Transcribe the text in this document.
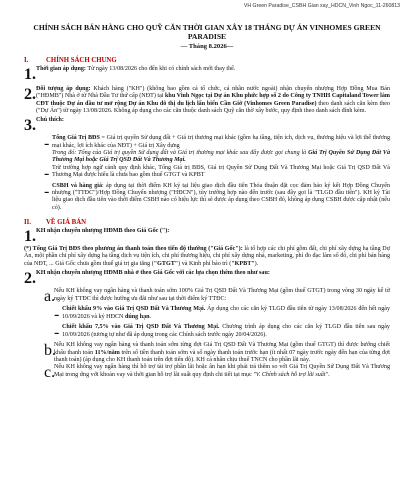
VH Green Paradise_CSBH Gian xay_HDCN_Vinh Ngoc_11-260813
CHÍNH SÁCH BÁN HÀNG CHO QUỸ CĂN THỜI GIAN XÂY 18 THÁNG DỰ ÁN VINHOMES GREEN PARADISE
— Tháng 8.2026—
I.	CHÍNH SÁCH CHUNG
1. Thời gian áp dụng: Từ ngày 13/08/2026 cho đến khi có chính sách mới thay thế.

2. Đối tượng áp dụng: Khách hàng ("KH") (không bao gồm cá tổ chức, cá nhân nước ngoài) nhận chuyển nhượng Hợp Đồng Mua Bán ("HĐMB") Nhà ở từ Nhà Đầu Tư thứ cấp (NĐT) tại khu Vinh Ngọc tại Dự án Khu phức hợp số 2 do Công ty TNHH Capitaland Tower làm CĐT thuộc Dự án đầu tư mở rộng Dự án Khu đô thị du lịch lấn biển Cần Giờ (Vinhomes Green Paradise) theo danh sách căn kèm theo ("Dự Án") từ ngày 13/08/2026. Không áp dụng cho các căn thuộc danh sách Quỹ căn thờ xây bước, quy định theo danh sách đính kèm.

3. Chú thích:

- Tổng Giá Trị BĐS = Giá trị quyền Sử dụng đất + Giá trị thương mại khác (gồm hạ tầng, tiện ích, dịch vụ, thương hiệu và lợi thế thương mại khác, lợi ích khác của NĐT) + Giá trị Xây dựng
Trong đó: Tổng của Giá trị quyền Sử dụng đất và Giá trị thương mại khác sau đây được gọi chung là Giá Trị Quyền Sử Dụng Đất Và Thương Mại hoặc Giá Trị QSD Đất Và Thương Mại.

- Trừ trường hợp ngữ cảnh quy định khác, Tổng Giá trị BĐS, Giá trị Quyền Sử Dụng Đất Và Thương Mại hoặc Giá Trị QSD Đất Và Thương Mại được hiểu là chưa bao gồm thuế GTGT và KPBT

- CSBH và hàng giá: áp dụng tại thời điểm KH ký tại liệu giao dịch đầu tiên Thỏa thuận đặt cọc đảm bảo ký kết Hợp Đồng Chuyển nhượng ("TTĐC")/Hợp Đồng Chuyển nhượng ("HĐCN"), tùy trường hợp nào đến trước (sau đây gọi là "TLGD đầu tiên"). KH ký Tài liệu giao dịch đầu tiên vào thời điểm CSBH nào có hiệu lực thì sẽ được áp dụng theo CSBH đó, không áp dụng CSBH được cập nhật (nếu có).

II. VỀ GIÁ BÁN
1. KH nhận chuyển nhượng HĐMB theo Giá Gốc ("):

(*) Tổng Giá Trị BĐS theo phương án thanh toán theo tiến độ thường ("Giá Gốc"): là tổ hợp các chi phí gồm đất, chi phí xây dựng hạ tầng Dự Án, một phần chi phí xây dựng hạ tầng dịch vụ tiện ích, chi phí thương hiệu, chi phí xây dựng nhà, marketing, phí đo đạc làm sổ đỏ, chi phí bán hàng của NĐT, ... Giá Gốc chưa gồm thuế giá trị gia tăng ("GTGT") và Kinh phí bảo trì ("KPBT").

2. KH nhận chuyển nhượng HĐMB nhà ở theo Giá Gốc với các lựa chọn thêm theo như sau:

a.

Nếu KH không vay ngân hàng và thanh toán sớm 100% Giá Trị QSD Đất Và Thương Mại (gồm thuế GTGT) trong vòng 30 ngày kể từ ngày ký TTĐC thì được hưởng ưu đãi như sau tại thời điểm ký TTĐC:

- Chiết khấu 9% vào Giá Trị QSD Đất Và Thương Mại. Áp dụng cho các căn ký TLGD đầu tiên từ ngày 13/08/2026 đến hết ngày 10/09/2026 và ký HĐCN đúng hạn.

- Chiết khấu 7,5% vào Giá Trị QSD Đất Và Thương Mại. Chương trình áp dụng cho các căn ký TLGD đầu tiên sau ngày 10/09/2026 (tương tự như đã áp dụng trong các Chính sách trước ngày 20/04/2026).

b.

Nếu KH không vay ngân hàng và thanh toán sớm từng đợt Giá Trị QSD Đất Và Thương Mại (gồm thuế GTGT) thì được hưởng chiết khấu thanh toán 11%/năm trên số tiền thanh toán sớm và số ngày thanh toán trước hạn (ít nhất 07 ngày trước ngày đến hạn của từng đợt thanh toán) (áp dụng cho KH thanh toán trên đợt tiến độ). KH cá nhân chịu thuế TNCN cho phần lãi này.

c.

Nếu KH không vay ngân hàng thì hỗ trợ tài trợ phần lãi hoặc ân hạn khi phải trả thêm so với Giá Trị Quyền Sử Dụng Đất Và Thương Mại trong ứng với khoản vay và thời gian hỗ trợ lãi suất quy định chi tiết tại mục "V. Chính sách hỗ trợ lãi suất".
